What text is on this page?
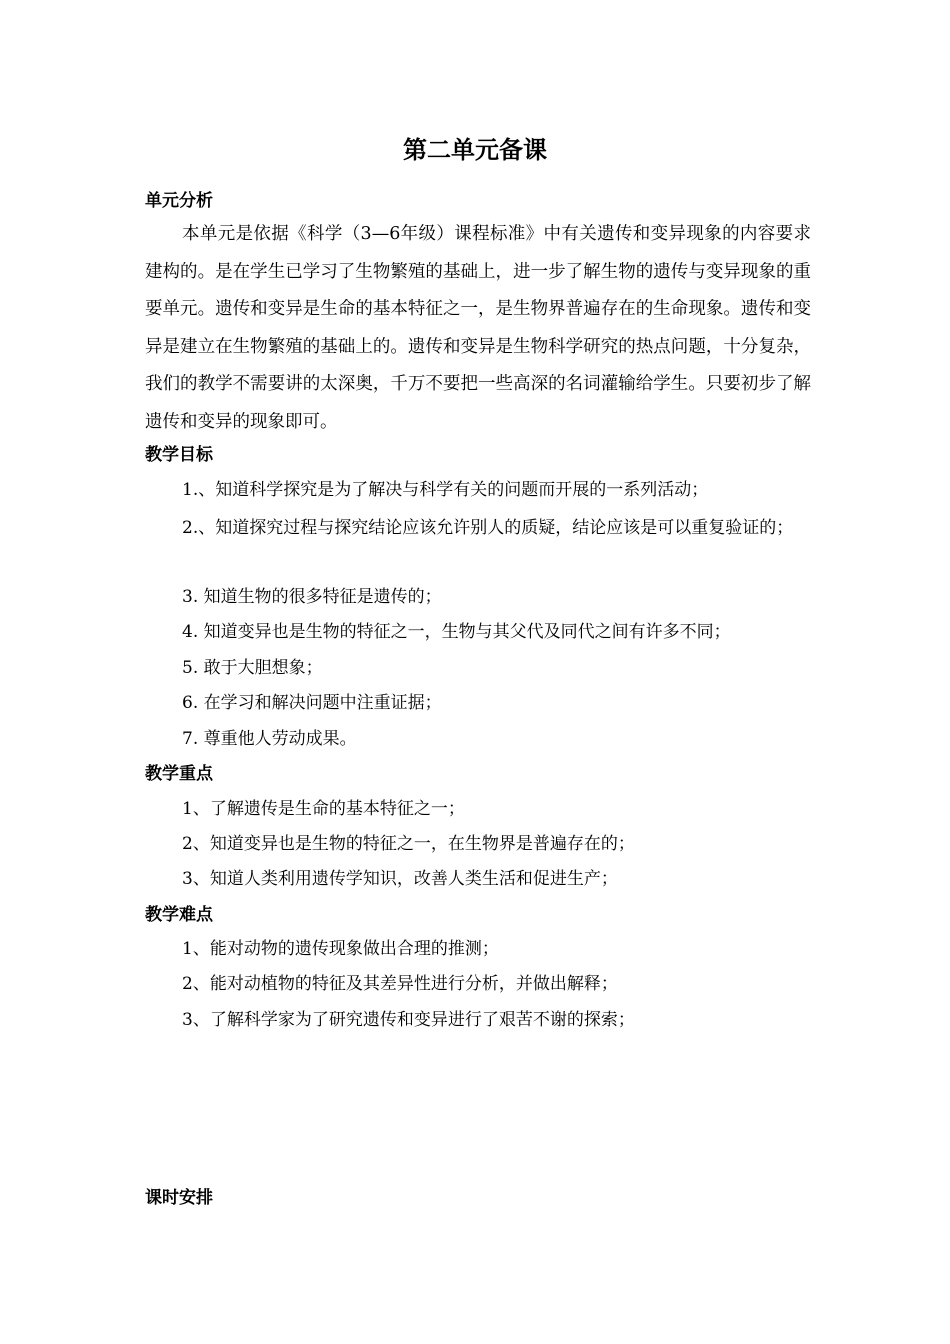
第二单元备课
单元分析

本单元是依据《科学（3—6年级）课程标准》中有关遗传和变异现象的内容要求建构的。是在学生已学习了生物繁殖的基础上，进一步了解生物的遗传与变异现象的重要单元。遗传和变异是生命的基本特征之一，是生物界普遍存在的生命现象。遗传和变异是建立在生物繁殖的基础上的。遗传和变异是生物科学研究的热点问题，十分复杂，我们的教学不需要讲的太深奥，千万不要把一些高深的名词灌输给学生。只要初步了解遗传和变异的现象即可。

教学目标
1.、知道科学探究是为了解决与科学有关的问题而开展的一系列活动；
2.、知道探究过程与探究结论应该允许别人的质疑，结论应该是可以重复验证的；
3. 知道生物的很多特征是遗传的；
4. 知道变异也是生物的特征之一，生物与其父代及同代之间有许多不同；
5. 敢于大胆想象；
6. 在学习和解决问题中注重证据；
7. 尊重他人劳动成果。
教学重点
1、了解遗传是生命的基本特征之一；
2、知道变异也是生物的特征之一，在生物界是普遍存在的；
3、知道人类利用遗传学知识，改善人类生活和促进生产；
教学难点
1、能对动物的遗传现象做出合理的推测；
2、能对动植物的特征及其差异性进行分析，并做出解释；
3、了解科学家为了研究遗传和变异进行了艰苦不谢的探索；
课时安排
